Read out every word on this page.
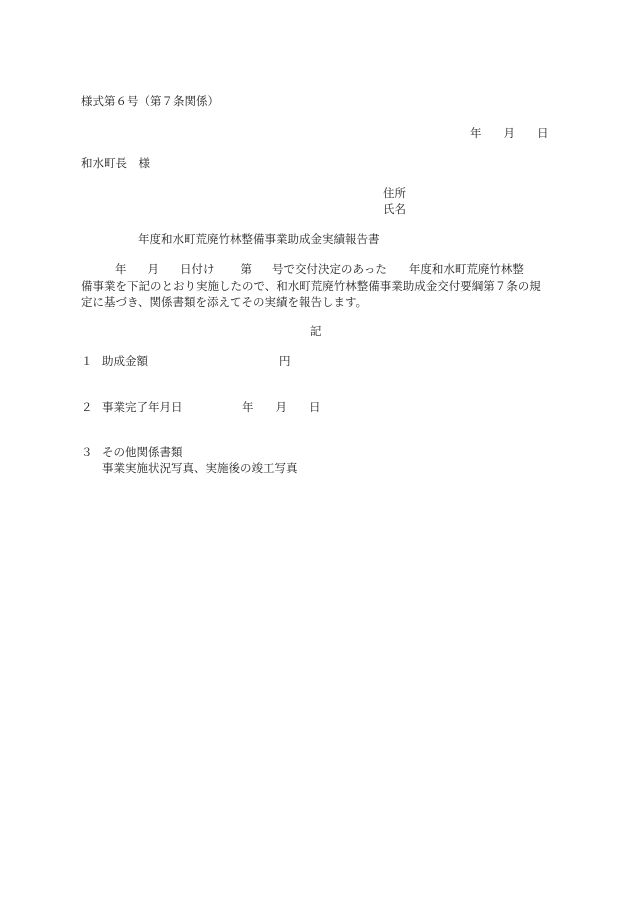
様式第６号（第７条関係）
年 月 日
和水町長　様
住所
氏名
年度和水町荒廃竹林整備事業助成金実績報告書
年 月 日付け 第 号で交付決定のあった 年度和水町荒廃竹林整
備事業を下記のとおり実施したので、和水町荒廃竹林整備事業助成金交付要綱第７条の規
定に基づき、関係書類を添えてその実績を報告します。
記
１ 助成金額	円
２ 事業完了年月日	年 月 日
３ その他関係書類
事業実施状況写真、実施後の竣工写真
